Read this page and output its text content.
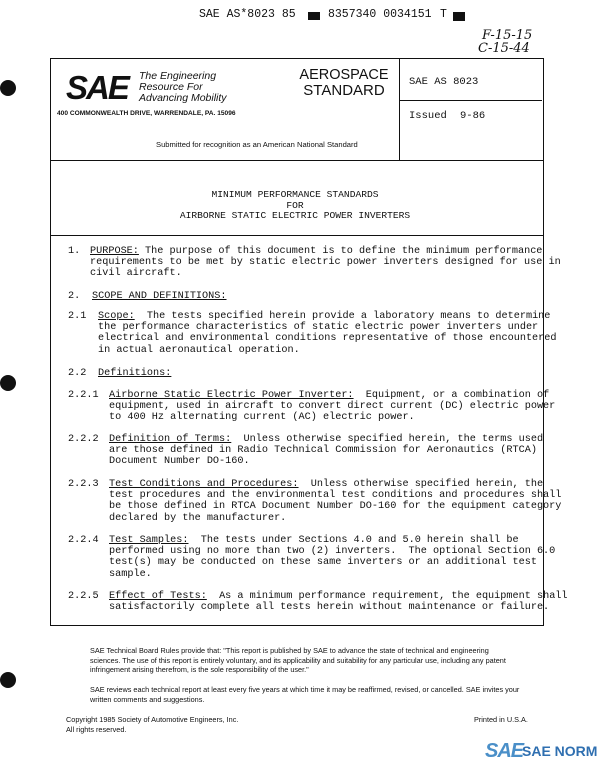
SAE AS*8023 85	8357340 0034151 T
F-15-15
C-15-44
SAE The Engineering
Resource For
Advancing Mobility
400 COMMONWEALTH DRIVE, WARRENDALE, PA. 15096
AEROSPACE
STANDARD	SAE AS 8023
Issued 9-86
Submitted for recognition as an American National Standard
MINIMUM PERFORMANCE STANDARDS
FOR
AIRBORNE STATIC ELECTRIC POWER INVERTERS
1. PURPOSE: The purpose of this document is to define the minimum performance
requirements to be met by static electric power inverters designed for use in
civil aircraft.
2. SCOPE AND DEFINITIONS:
2.1 Scope: The tests specified herein provide a laboratory means to determine
the performance characteristics of static electric power inverters under
electrical and environmental conditions representative of those encountered
in actual aeronautical operation.
2.2 Definitions:
2.2.1 Airborne Static Electric Power Inverter: Equipment, or a combination of
equipment, used in aircraft to convert direct current (DC) electric power
to 400 Hz alternating current (AC) electric power.
2.2.2 Definition of Terms: Unless otherwise specified herein, the terms used
are those defined in Radio Technical Commission for Aeronautics (RTCA)
Document Number DO-160.
2.2.3 Test Conditions and Procedures: Unless otherwise specified herein, the
test procedures and the environmental test conditions and procedures shall
be those defined in RTCA Document Number DO-160 for the equipment category
declared by the manufacturer.
2.2.4 Test Samples: The tests under Sections 4.0 and 5.0 herein shall be
performed using no more than two (2) inverters.  The optional Section 6.0
test(s) may be conducted on these same inverters or an additional test
sample.
2.2.5 Effect of Tests: As a minimum performance requirement, the equipment shall
satisfactorily complete all tests herein without maintenance or failure.
SAE Technical Board Rules provide that: "This report is published by SAE to advance the state of technical and engineering sciences. The use of this report is entirely voluntary, and its applicability and suitability for any particular use, including any patent infringement arising therefrom, is the sole responsibility of the user."
SAE reviews each technical report at least every five years at which time it may be reaffirmed, revised, or cancelled. SAE invites your written comments and suggestions.
Copyright 1985 Society of Automotive Engineers, Inc.
All rights reserved.
Printed in U.S.A.
SAE
SAE NORM
